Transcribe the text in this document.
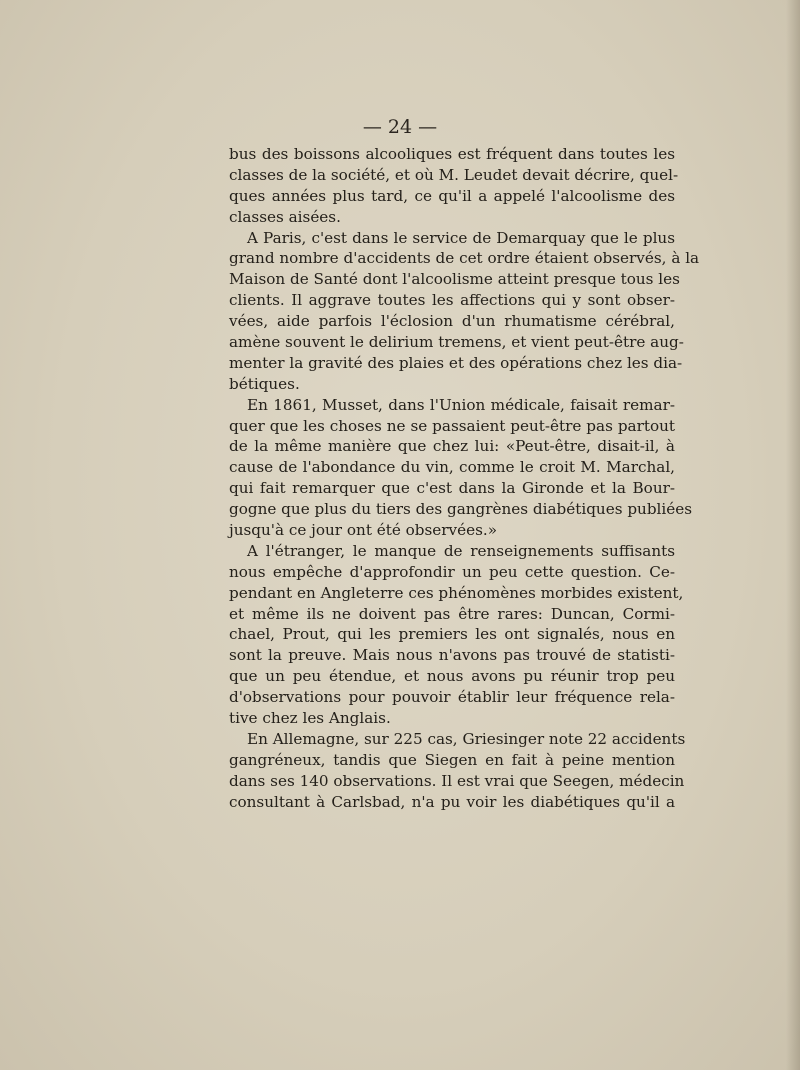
— 24 —
bus des boissons alcooliques est fréquent dans toutes les
classes de la société, et où M. Leudet devait décrire, quel-
ques années plus tard, ce qu'il a appelé l'alcoolisme des
classes aisées.
A Paris, c'est dans le service de Demarquay que le plus
grand nombre d'accidents de cet ordre étaient observés, à la
Maison de Santé dont l'alcoolisme atteint presque tous les
clients. Il aggrave toutes les affections qui y sont obser-
vées, aide parfois l'éclosion d'un rhumatisme cérébral,
amène souvent le delirium tremens, et vient peut-être aug-
menter la gravité des plaies et des opérations chez les dia-
bétiques.
En 1861, Musset, dans l'Union médicale, faisait remar-
quer que les choses ne se passaient peut-être pas partout
de la même manière que chez lui: «Peut-être, disait-il, à
cause de l'abondance du vin, comme le croit M. Marchal,
qui fait remarquer que c'est dans la Gironde et la Bour-
gogne que plus du tiers des gangrènes diabétiques publiées
jusqu'à ce jour ont été observées.»
A l'étranger, le manque de renseignements suffisants
nous empêche d'approfondir un peu cette question. Ce-
pendant en Angleterre ces phénomènes morbides existent,
et même ils ne doivent pas être rares: Duncan, Cormi-
chael, Prout, qui les premiers les ont signalés, nous en
sont la preuve. Mais nous n'avons pas trouvé de statisti-
que un peu étendue, et nous avons pu réunir trop peu
d'observations pour pouvoir établir leur fréquence rela-
tive chez les Anglais.
En Allemagne, sur 225 cas, Griesinger note 22 accidents
gangréneux, tandis que Siegen en fait à peine mention
dans ses 140 observations. Il est vrai que Seegen, médecin
consultant à Carlsbad, n'a pu voir les diabétiques qu'il a
